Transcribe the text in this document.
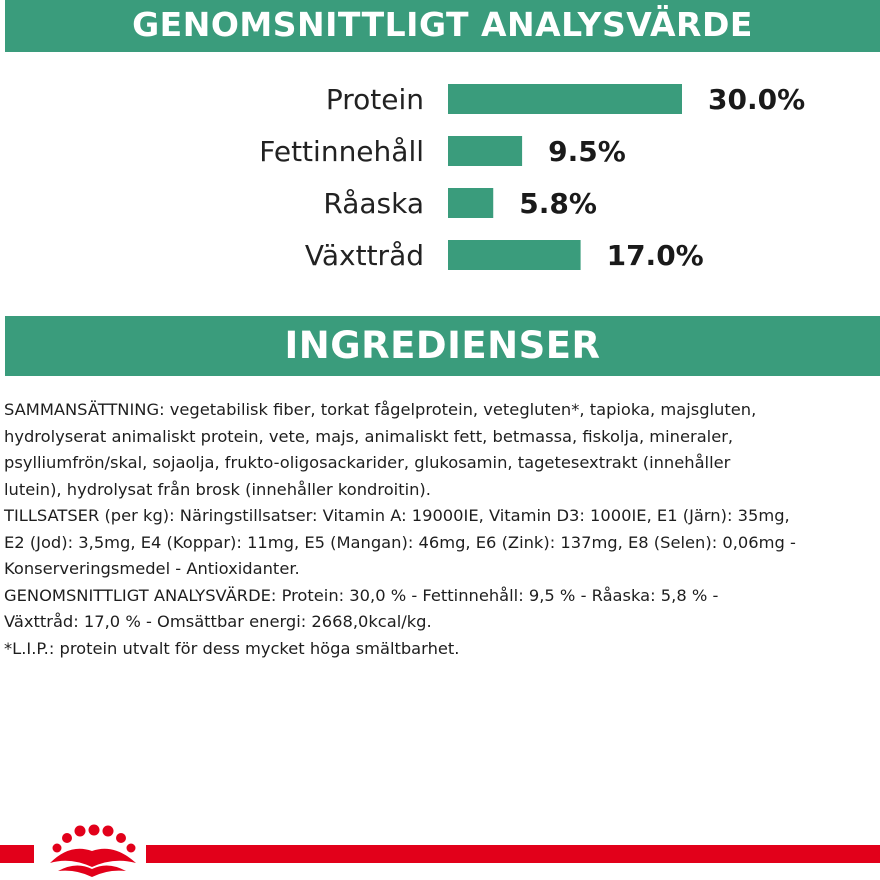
GENOMSNITTLIGT ANALYSVÄRDE
Protein	30.0%
Fettinnehåll	9.5%
Råaska	5.8%
Växttråd	17.0%
INGREDIENSER

SAMMANSÄTTNING: vegetabilisk fiber, torkat fågelprotein, vetegluten*, tapioka, majsgluten,

hydrolyserat animaliskt protein, vete, majs, animaliskt fett, betmassa, fiskolja, mineraler,

psylliumfrön/skal, sojaolja, frukto-oligosackarider, glukosamin, tagetesextrakt (innehåller

lutein), hydrolysat från brosk (innehåller kondroitin).

TILLSATSER (per kg): Näringstillsatser: Vitamin A: 19000IE, Vitamin D3: 1000IE, E1 (Järn): 35mg,

E2 (Jod): 3,5mg, E4 (Koppar): 11mg, E5 (Mangan): 46mg, E6 (Zink): 137mg, E8 (Selen): 0,06mg -

Konserveringsmedel - Antioxidanter.

GENOMSNITTLIGT ANALYSVÄRDE: Protein: 30,0 % - Fettinnehåll: 9,5 % - Råaska: 5,8 % -

Växttråd: 17,0 % - Omsättbar energi: 2668,0kcal/kg.

*L.I.P.: protein utvalt för dess mycket höga smältbarhet.
